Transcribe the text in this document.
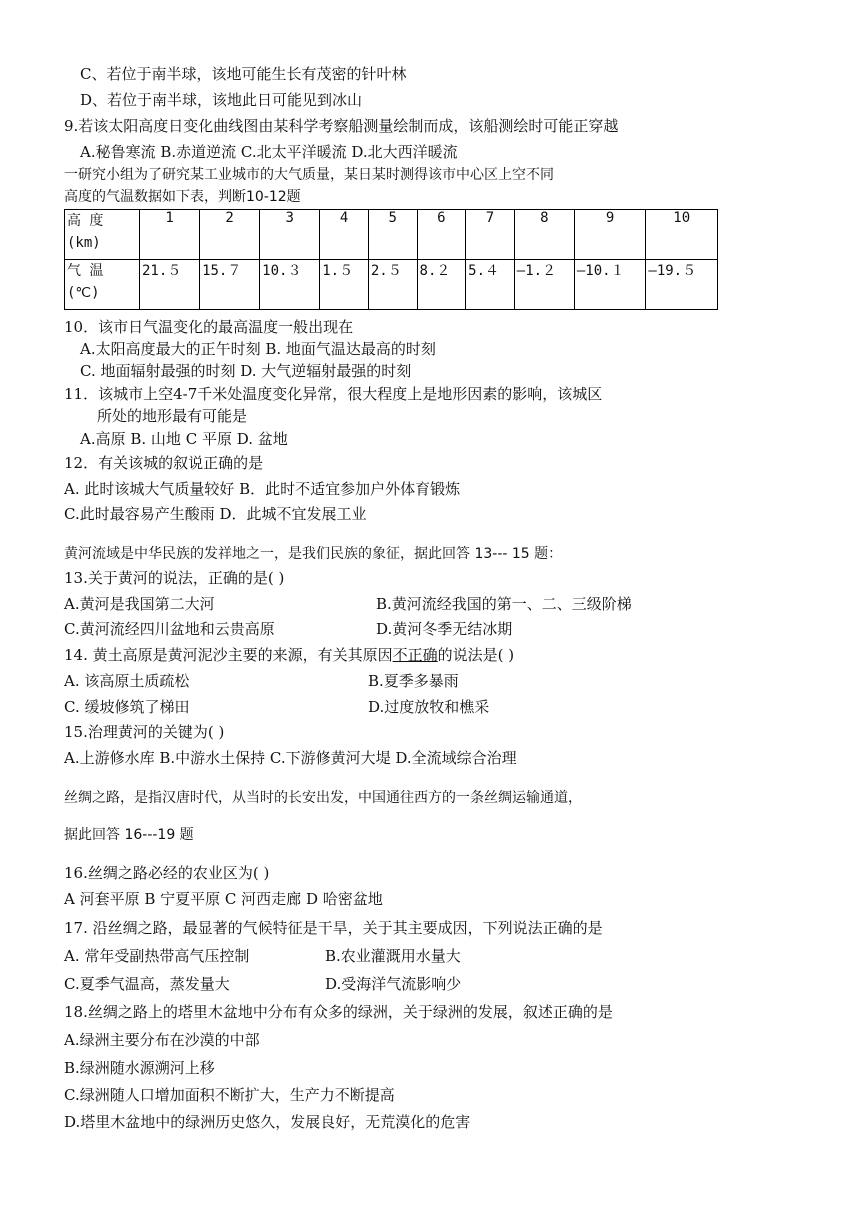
C、若位于南半球，该地可能生长有茂密的针叶林
D、若位于南半球，该地此日可能见到冰山
9.若该太阳高度日变化曲线图由某科学考察船测量绘制而成，该船测绘时可能正穿越
A.秘鲁寒流 B.赤道逆流 C.北太平洋暖流 D.北大西洋暖流
一研究小组为了研究某工业城市的大气质量，某日某时测得该市中心区上空不同
高度的气温数据如下表，判断10-12题
高 度
(km)	1	2	3	4	5	6	7	8	9	10

气 温
(℃)	21.５	15.７	10.３	1.５	2.５	8.２	5.４	—1.２	—10.１	—19.５
10．该市日气温变化的最高温度一般出现在
A.太阳高度最大的正午时刻 B. 地面气温达最高的时刻
C. 地面辐射最强的时刻 D. 大气逆辐射最强的时刻
11．该城市上空4-7千米处温度变化异常，很大程度上是地形因素的影响，该城区
所处的地形最有可能是
A.高原 B. 山地 C 平原 D. 盆地
12．有关该城的叙说正确的是
A. 此时该城大气质量较好 B．此时不适宜参加户外体育锻炼
C.此时最容易产生酸雨 D．此城不宜发展工业
黄河流域是中华民族的发祥地之一，是我们民族的象征，据此回答 13--- 15 题：
13.关于黄河的说法，正确的是( )
A.黄河是我国第二大河	B.黄河流经我国的第一、二、三级阶梯
C.黄河流经四川盆地和云贵高原	D.黄河冬季无结冰期
14. 黄土高原是黄河泥沙主要的来源，有关其原因不正确的说法是( )
A. 该高原土质疏松	B.夏季多暴雨
C. 缓坡修筑了梯田	D.过度放牧和樵采
15.治理黄河的关键为( )
A.上游修水库 B.中游水土保持 C.下游修黄河大堤 D.全流域综合治理
丝绸之路，是指汉唐时代，从当时的长安出发，中国通往西方的一条丝绸运输通道，
据此回答 16---19 题
16.丝绸之路必经的农业区为( )
A 河套平原 B 宁夏平原 C 河西走廊 D 哈密盆地
17. 沿丝绸之路，最显著的气候特征是干旱，关于其主要成因，下列说法正确的是
A. 常年受副热带高气压控制	B.农业灌溉用水量大
C.夏季气温高，蒸发量大	D.受海洋气流影响少
18.丝绸之路上的塔里木盆地中分布有众多的绿洲，关于绿洲的发展，叙述正确的是
A.绿洲主要分布在沙漠的中部
B.绿洲随水源溯河上移
C.绿洲随人口增加面积不断扩大，生产力不断提高
D.塔里木盆地中的绿洲历史悠久，发展良好，无荒漠化的危害
